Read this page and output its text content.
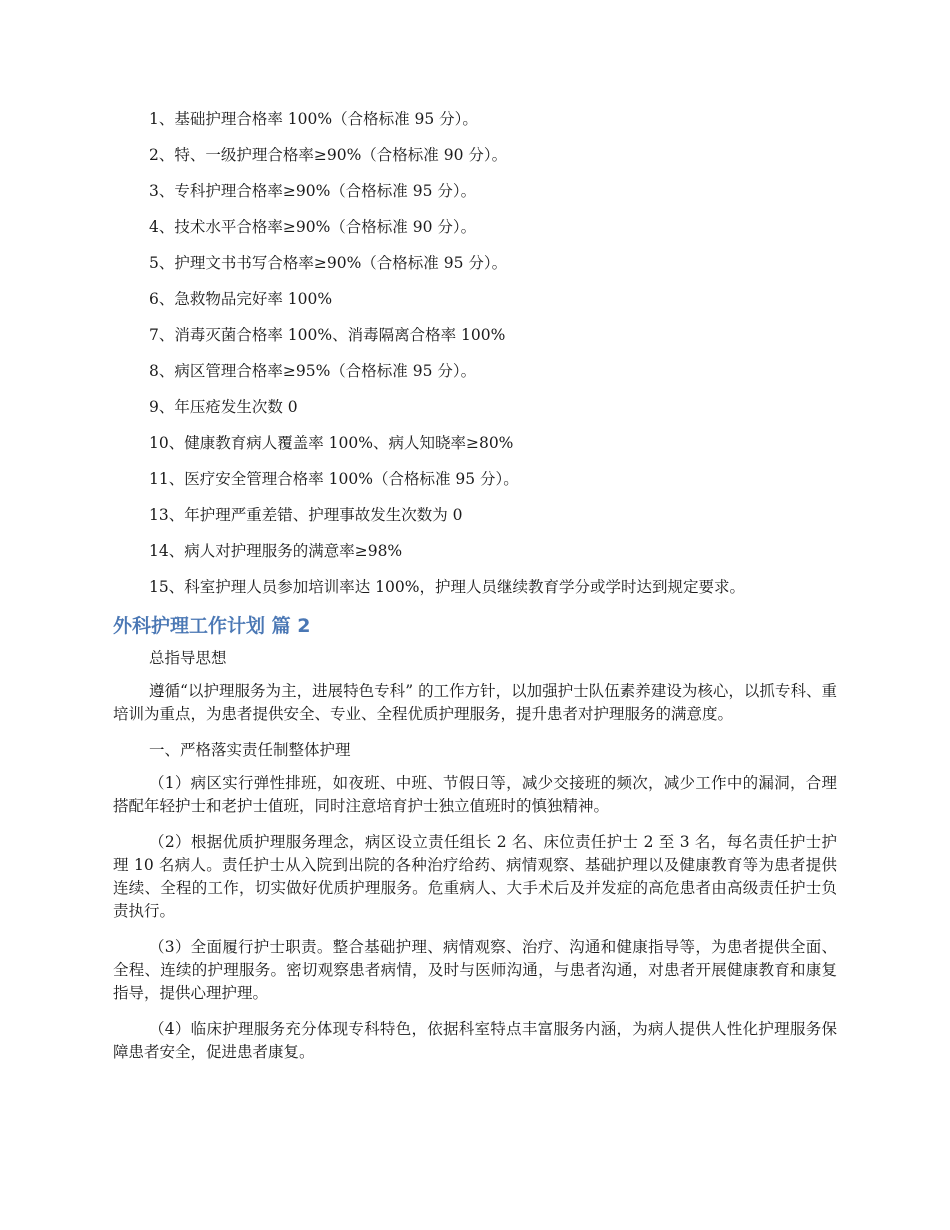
1、基础护理合格率 100%（合格标准 95 分）。

2、特、一级护理合格率≥90%（合格标准 90 分）。

3、专科护理合格率≥90%（合格标准 95 分）。

4、技术水平合格率≥90%（合格标准 90 分）。

5、护理文书书写合格率≥90%（合格标准 95 分）。

6、急救物品完好率 100%

7、消毒灭菌合格率 100%、消毒隔离合格率 100%

8、病区管理合格率≥95%（合格标准 95 分）。

9、年压疮发生次数 0

10、健康教育病人覆盖率 100%、病人知晓率≥80%

11、医疗安全管理合格率 100%（合格标准 95 分）。

13、年护理严重差错、护理事故发生次数为 0

14、病人对护理服务的满意率≥98%

15、科室护理人员参加培训率达 100%，护理人员继续教育学分或学时达到规定要求。

外科护理工作计划 篇 2

总指导思想

遵循“以护理服务为主，进展特色专科” 的工作方针，以加强护士队伍素养建设为核心，以抓专科、重培训为重点，为患者提供安全、专业、全程优质护理服务，提升患者对护理服务的满意度。

一、严格落实责任制整体护理

（1）病区实行弹性排班，如夜班、中班、节假日等，减少交接班的频次，减少工作中的漏洞，合理搭配年轻护士和老护士值班，同时注意培育护士独立值班时的慎独精神。

（2）根据优质护理服务理念，病区设立责任组长 2 名、床位责任护士 2 至 3 名，每名责任护士护理 10 名病人。责任护士从入院到出院的各种治疗给药、病情观察、基础护理以及健康教育等为患者提供连续、全程的工作，切实做好优质护理服务。危重病人、大手术后及并发症的高危患者由高级责任护士负责执行。

（3）全面履行护士职责。整合基础护理、病情观察、治疗、沟通和健康指导等，为患者提供全面、全程、连续的护理服务。密切观察患者病情，及时与医师沟通，与患者沟通，对患者开展健康教育和康复指导，提供心理护理。

（4）临床护理服务充分体现专科特色，依据科室特点丰富服务内涵，为病人提供人性化护理服务保障患者安全，促进患者康复。
